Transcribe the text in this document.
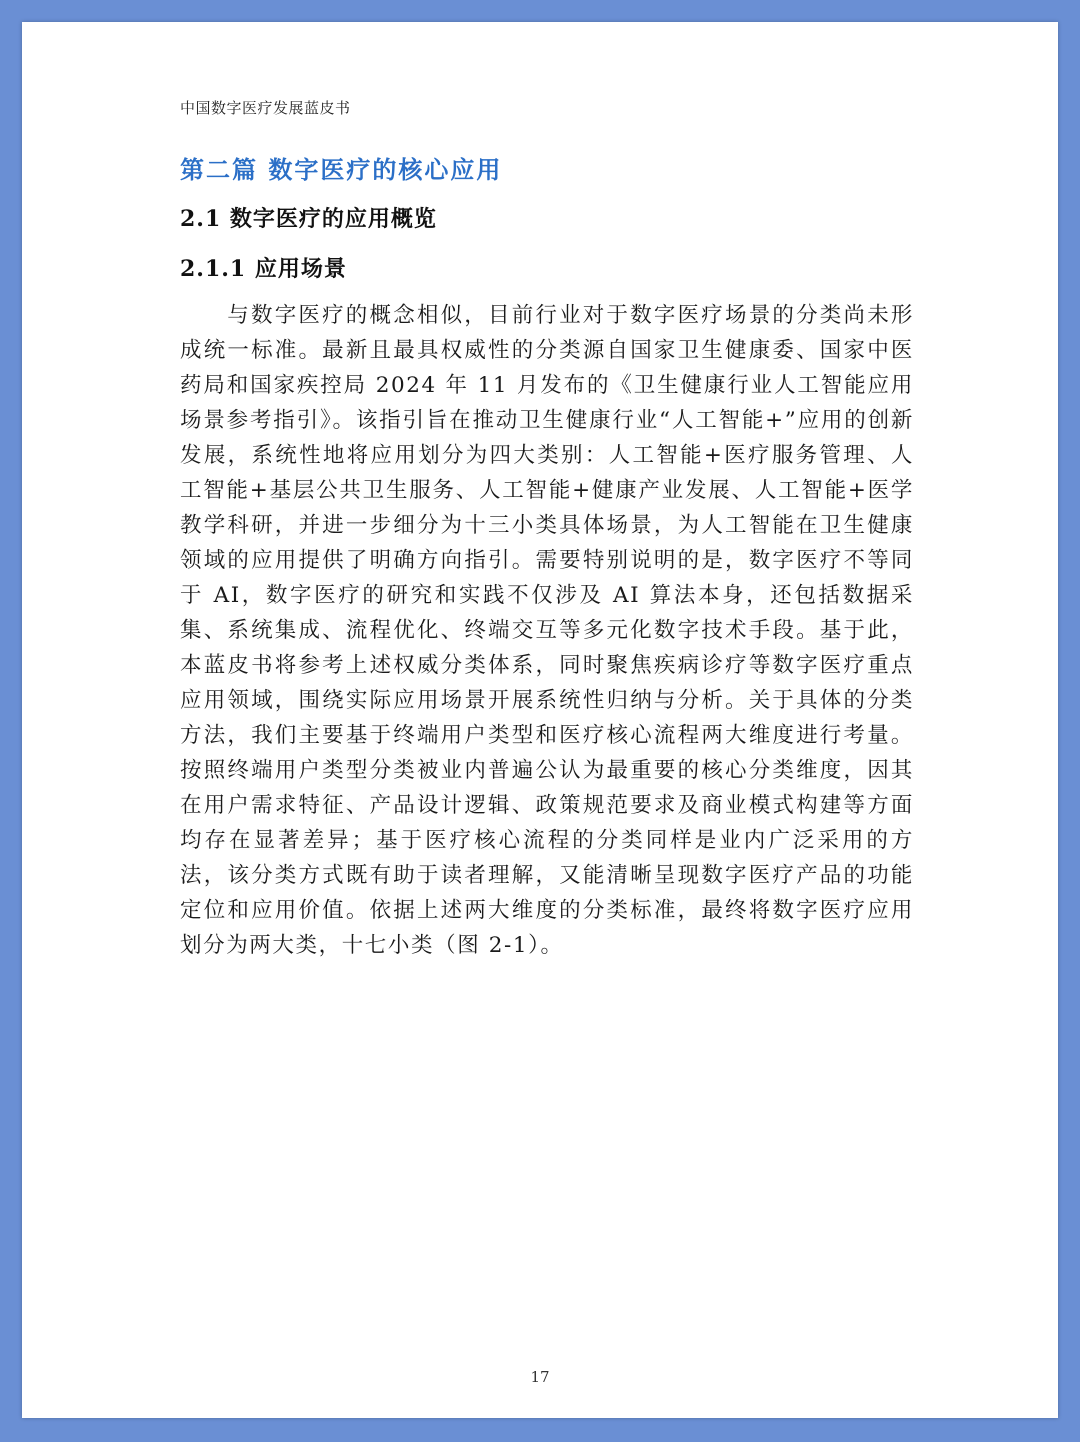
中国数字医疗发展蓝皮书
第二篇 数字医疗的核心应用
2.1 数字医疗的应用概览
2.1.1 应用场景

与数字医疗的概念相似，目前行业对于数字医疗场景的分类尚未形成统一标准。最新且最具权威性的分类源自国家卫生健康委、国家中医药局和国家疾控局 2024 年 11 月发布的《卫生健康行业人工智能应用场景参考指引》。该指引旨在推动卫生健康行业“人工智能+”应用的创新发展，系统性地将应用划分为四大类别：人工智能+医疗服务管理、人工智能+基层公共卫生服务、人工智能+健康产业发展、人工智能+医学教学科研，并进一步细分为十三小类具体场景，为人工智能在卫生健康领域的应用提供了明确方向指引。需要特别说明的是，数字医疗不等同于 AI，数字医疗的研究和实践不仅涉及 AI 算法本身，还包括数据采集、系统集成、流程优化、终端交互等多元化数字技术手段。基于此，本蓝皮书将参考上述权威分类体系，同时聚焦疾病诊疗等数字医疗重点应用领域，围绕实际应用场景开展系统性归纳与分析。关于具体的分类方法，我们主要基于终端用户类型和医疗核心流程两大维度进行考量。按照终端用户类型分类被业内普遍公认为最重要的核心分类维度，因其在用户需求特征、产品设计逻辑、政策规范要求及商业模式构建等方面均存在显著差异；基于医疗核心流程的分类同样是业内广泛采用的方法，该分类方式既有助于读者理解，又能清晰呈现数字医疗产品的功能定位和应用价值。依据上述两大维度的分类标准，最终将数字医疗应用划分为两大类，十七小类（图 2-1）。

17
